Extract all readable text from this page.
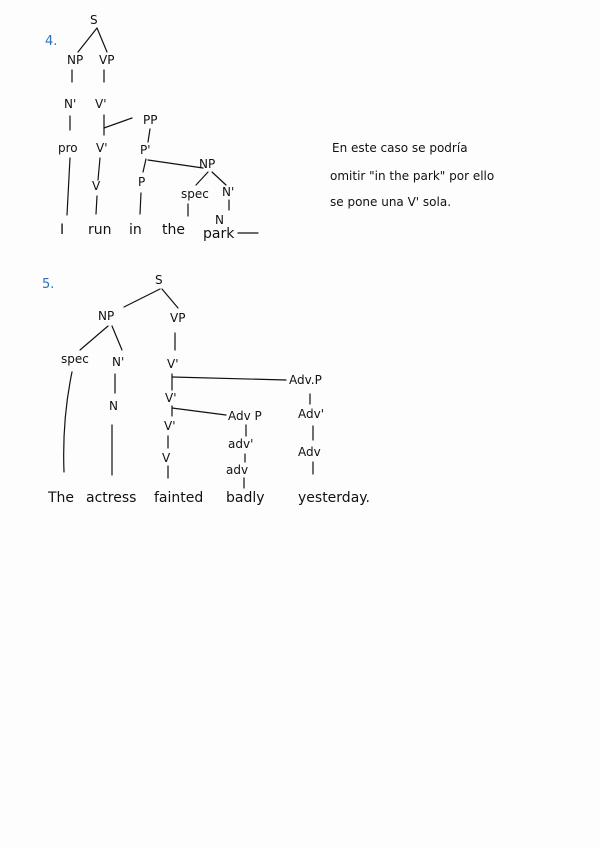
4.
S
NP VP
N' V'
PP
pro V'	P'
NP
P
V
spec N'
N
I run in the park
En este caso se podría
omitir "in the park" por ello
se pone una V' sola.
5.	S
NP	VP
spec N'	V'
N
Adv.P
V'
Adv P	Adv'
V'
adv'
Adv
V
adv
The actress fainted badly yesterday.
